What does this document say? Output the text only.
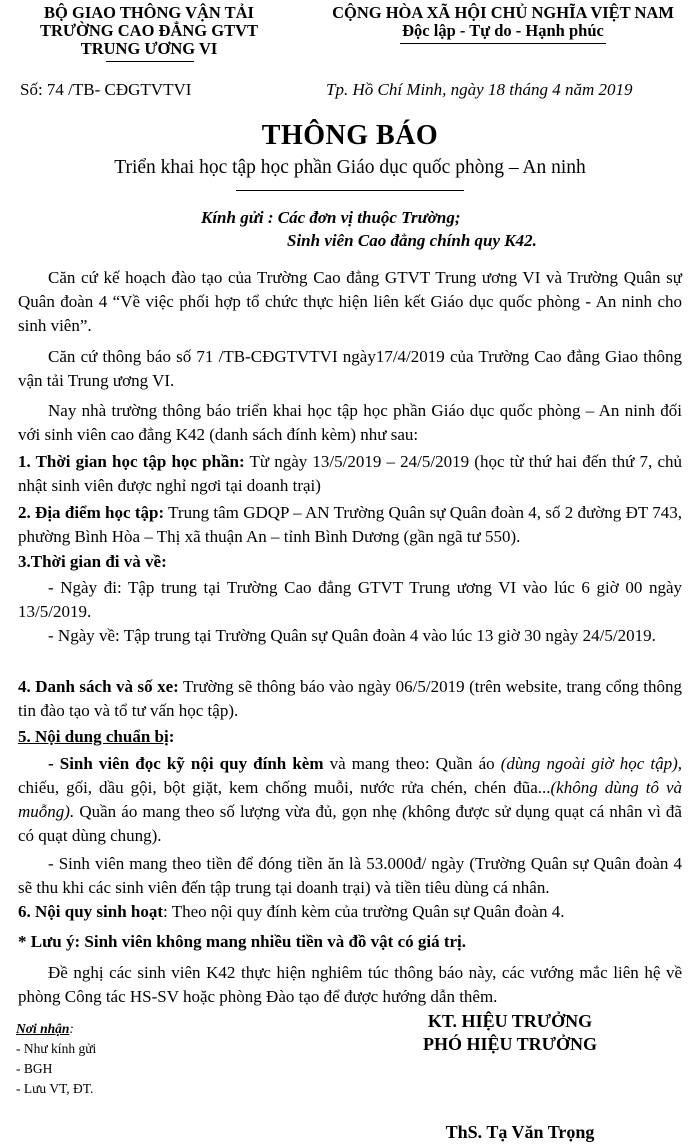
BỘ GIAO THÔNG VẬN TẢI
TRƯỜNG CAO ĐẲNG GTVT
TRUNG ƯƠNG VI
CỘNG HÒA XÃ HỘI CHỦ NGHĨA VIỆT NAM
Độc lập - Tự do - Hạnh phúc
Số: 74 /TB- CĐGTVTVI	Tp. Hồ Chí Minh, ngày 18 tháng 4 năm 2019
THÔNG BÁO
Triển khai học tập học phần Giáo dục quốc phòng – An ninh
Kính gửi : Các đơn vị thuộc Trường;
Sinh viên Cao đẳng chính quy K42.
Căn cứ kế hoạch đào tạo của Trường Cao đẳng GTVT Trung ương VI và Trường Quân sự Quân đoàn 4 “Về việc phối hợp tổ chức thực hiện liên kết Giáo dục quốc phòng - An ninh cho sinh viên”.
Căn cứ thông báo số 71 /TB-CĐGTVTVI ngày17/4/2019 của Trường Cao đẳng Giao thông vận tải Trung ương VI.
Nay nhà trường thông báo triển khai học tập học phần Giáo dục quốc phòng – An ninh đối với sinh viên cao đẳng K42 (danh sách đính kèm) như sau:
1. Thời gian học tập học phần: Từ ngày 13/5/2019 – 24/5/2019 (học từ thứ hai đến thứ 7, chủ nhật sinh viên được nghỉ ngơi tại doanh trại)
2. Địa điểm học tập: Trung tâm GDQP – AN Trường Quân sự Quân đoàn 4, số 2 đường ĐT 743, phường Bình Hòa – Thị xã thuận An – tỉnh Bình Dương (gần ngã tư 550).
3.Thời gian đi và về:
- Ngày đi: Tập trung tại Trường Cao đẳng GTVT Trung ương VI vào lúc 6 giờ 00 ngày 13/5/2019.
- Ngày về: Tập trung tại Trường Quân sự Quân đoàn 4 vào lúc 13 giờ 30 ngày 24/5/2019.
4. Danh sách và số xe: Trường sẽ thông báo vào ngày 06/5/2019 (trên website, trang cổng thông tin đào tạo và tổ tư vấn học tập).
5. Nội dung chuẩn bị:
- Sinh viên đọc kỹ nội quy đính kèm và mang theo: Quần áo (dùng ngoài giờ học tập), chiếu, gối, dầu gội, bột giặt, kem chống muỗi, nước rửa chén, chén đũa...(không dùng tô và muỗng). Quần áo mang theo số lượng vừa đủ, gọn nhẹ (không được sử dụng quạt cá nhân vì đã có quạt dùng chung).
- Sinh viên mang theo tiền để đóng tiền ăn là 53.000đ/ ngày (Trường Quân sự Quân đoàn 4 sẽ thu khi các sinh viên đến tập trung tại doanh trại) và tiền tiêu dùng cá nhân.
6. Nội quy sinh hoạt: Theo nội quy đính kèm của trường Quân sự Quân đoàn 4.
* Lưu ý: Sinh viên không mang nhiều tiền và đồ vật có giá trị.
Đề nghị các sinh viên K42 thực hiện nghiêm túc thông báo này, các vướng mắc liên hệ về phòng Công tác HS-SV hoặc phòng Đào tạo để được hướng dẫn thêm.
Nơi nhận:
- Như kính gửi
- BGH
- Lưu VT, ĐT.
KT. HIỆU TRƯỞNG
PHÓ HIỆU TRƯỞNG
ThS. Tạ Văn Trọng
